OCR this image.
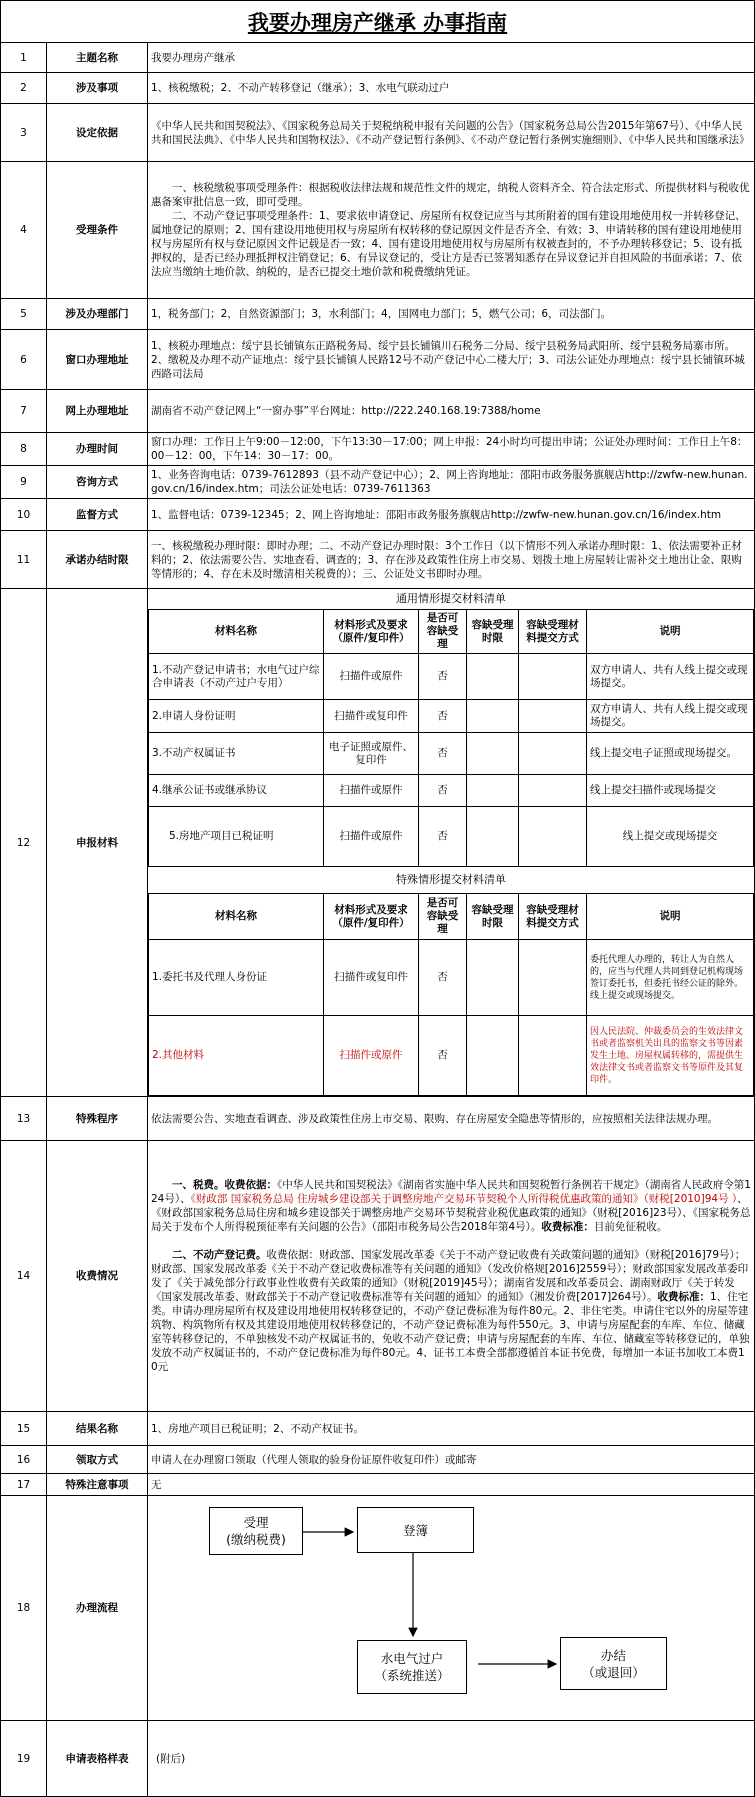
我要办理房产继承 办事指南
1	主题名称	我要办理房产继承
2	涉及事项	1、核税缴税；2、不动产转移登记（继承）；3、水电气联动过户
3	设定依据	《中华人民共和国契税法》、《国家税务总局关于契税纳税申报有关问题的公告》（国家税务总局公告2015年第67号）、《中华人民共和国民法典》、《中华人民共和国物权法》、《不动产登记暂行条例》、《不动产登记暂行条例实施细则》、《中华人民共和国继承法》
4	受理条件	
一、核税缴税事项受理条件：根据税收法律法规和规范性文件的规定，纳税人资料齐全、符合法定形式、所提供材料与税收优惠备案审批信息一致，即可受理。
二、不动产登记事项受理条件：1、要求依申请登记、房屋所有权登记应当与其所附着的国有建设用地使用权一并转移登记、属地登记的原则；2、国有建设用地使用权与房屋所有权转移的登记原因文件是否齐全、有效；3、申请转移的国有建设用地使用权与房屋所有权与登记原因文件记载是否一致；4、国有建设用地使用权与房屋所有权被查封的，不予办理转移登记；5、设有抵押权的，是否已经办理抵押权注销登记；6、有异议登记的，受让方是否已签署知悉存在异议登记并自担风险的书面承诺；7、依法应当缴纳土地价款、纳税的，是否已提交土地价款和税费缴纳凭证。

5	涉及办理部门	1，税务部门；2，自然资源部门；3，水利部门；4，国网电力部门；5，燃气公司；6，司法部门。
6	窗口办理地址	1、核税办理地点：绥宁县长铺镇东正路税务局、绥宁县长铺镇川石税务二分局、绥宁县税务局武阳所、绥宁县税务局寨市所。 2、缴税及办理不动产证地点：绥宁县长铺镇人民路12号不动产登记中心二楼大厅；3、司法公证处办理地点：绥宁县长铺镇环城西路司法局
7	网上办理地址	湖南省不动产登记网上“一窗办事”平台网址：http://222.240.168.19:7388/home
8	办理时间	窗口办理：工作日上午9:00－12:00，下午13:30－17:00；网上申报：24小时均可提出申请；公证处办理时间：工作日上午8：00－12：00，下午14：30－17：00。
9	咨询方式	1、业务咨询电话：0739-7612893（县不动产登记中心）；2、网上咨询地址：邵阳市政务服务旗舰店http://zwfw-new.hunan.gov.cn/16/index.htm；司法公证处电话：0739-7611363
10	监督方式	1、监督电话：0739-12345；2、网上咨询地址：邵阳市政务服务旗舰店http://zwfw-new.hunan.gov.cn/16/index.htm
11	承诺办结时限	一、核税缴税办理时限：即时办理；二、不动产登记办理时限：3个工作日（以下情形不列入承诺办理时限：1、依法需要补正材料的；2、依法需要公告、实地查看、调查的；3、存在涉及政策性住房上市交易、划拨土地上房屋转让需补交土地出让金、限购等情形的；4、存在未及时缴清相关税费的）；三、公证处文书即时办理。
12	申报材料	
通用情形提交材料清单
材料名称	材料形式及要求（原件/复印件）	是否可容缺受理	容缺受理时限	容缺受理材料提交方式	说明
1.不动产登记申请书；水电气过户综合申请表（不动产过户专用）	扫描件或原件	否			双方申请人、共有人线上提交或现场提交。
2.申请人身份证明	扫描件或复印件	否			双方申请人、共有人线上提交或现场提交。
3.不动产权属证书	电子证照或原件、复印件	否			线上提交电子证照或现场提交。
4.继承公证书或继承协议	扫描件或原件	否			线上提交扫描件或现场提交
5.房地产项目已税证明	扫描件或原件	否			线上提交或现场提交
特殊情形提交材料清单
材料名称	材料形式及要求（原件/复印件）	是否可容缺受理	容缺受理时限	容缺受理材料提交方式	说明
1.委托书及代理人身份证	扫描件或复印件	否			委托代理人办理的，转让人为自然人的，应当与代理人共同到登记机构现场签订委托书，但委托书经公证的除外。线上提交或现场提交。
2.其他材料	扫描件或原件	否			因人民法院、仲裁委员会的生效法律文书或者监察机关出具的监察文书等因素发生土地、房屋权属转移的，需提供生效法律文书或者监察文书等原件及其复印件。

13	特殊程序	依法需要公告、实地查看调查、涉及政策性住房上市交易、限购、存在房屋安全隐患等情形的，应按照相关法律法规办理。
14	收费情况	
一、税费。收费依据：《中华人民共和国契税法》《湖南省实施中华人民共和国契税暂行条例若干规定》（湖南省人民政府令第124号）、《财政部 国家税务总局 住房城乡建设部关于调整房地产交易环节契税个人所得税优惠政策的通知》（财税[2010]94号 ）、《财政部国家税务总局住房和城乡建设部关于调整房地产交易环节契税营业税优惠政策的通知》（财税[2016]23号）、《国家税务总局关于发布个人所得税预征率有关问题的公告》（邵阳市税务局公告2018年第4号）。收费标准：目前免征税收。
二、不动产登记费。收费依据：财政部、国家发展改革委《关于不动产登记收费有关政策问题的通知》（财税[2016]79号）；财政部、国家发展改革委《关于不动产登记收费标准等有关问题的通知》（发改价格规[2016]2559号）；财政部国家发展改革委印发了《关于减免部分行政事业性收费有关政策的通知》（财税[2019]45号）；湖南省发展和改革委员会、湖南财政厅《关于转发〈国家发展改革委、财政部关于不动产登记收费标准等有关问题的通知〉的通知》（湘发价费[2017]264号）。收费标准：1、住宅类。申请办理房屋所有权及建设用地使用权转移登记的，不动产登记费标准为每件80元。2、非住宅类。申请住宅以外的房屋等建筑物、构筑物所有权及其建设用地使用权转移登记的，不动产登记费标准为每件550元。3、申请与房屋配套的车库、车位、储藏室等转移登记的，不单独核发不动产权属证书的，免收不动产登记费；申请与房屋配套的车库、车位、储藏室等转移登记的，单独发放不动产权属证书的，不动产登记费标准为每件80元。4、证书工本费全部都遵循首本证书免费，每增加一本证书加收工本费10元

15	结果名称	1、房地产项目已税证明；2、不动产权证书。
16	领取方式	申请人在办理窗口领取（代理人领取的验身份证原件收复印件）或邮寄
17	特殊注意事项	无
18	办理流程	
受理
(缴纳税费)
登簿
水电气过户
（系统推送）
办结
（或退回）

19	申请表格样表	(附后)
